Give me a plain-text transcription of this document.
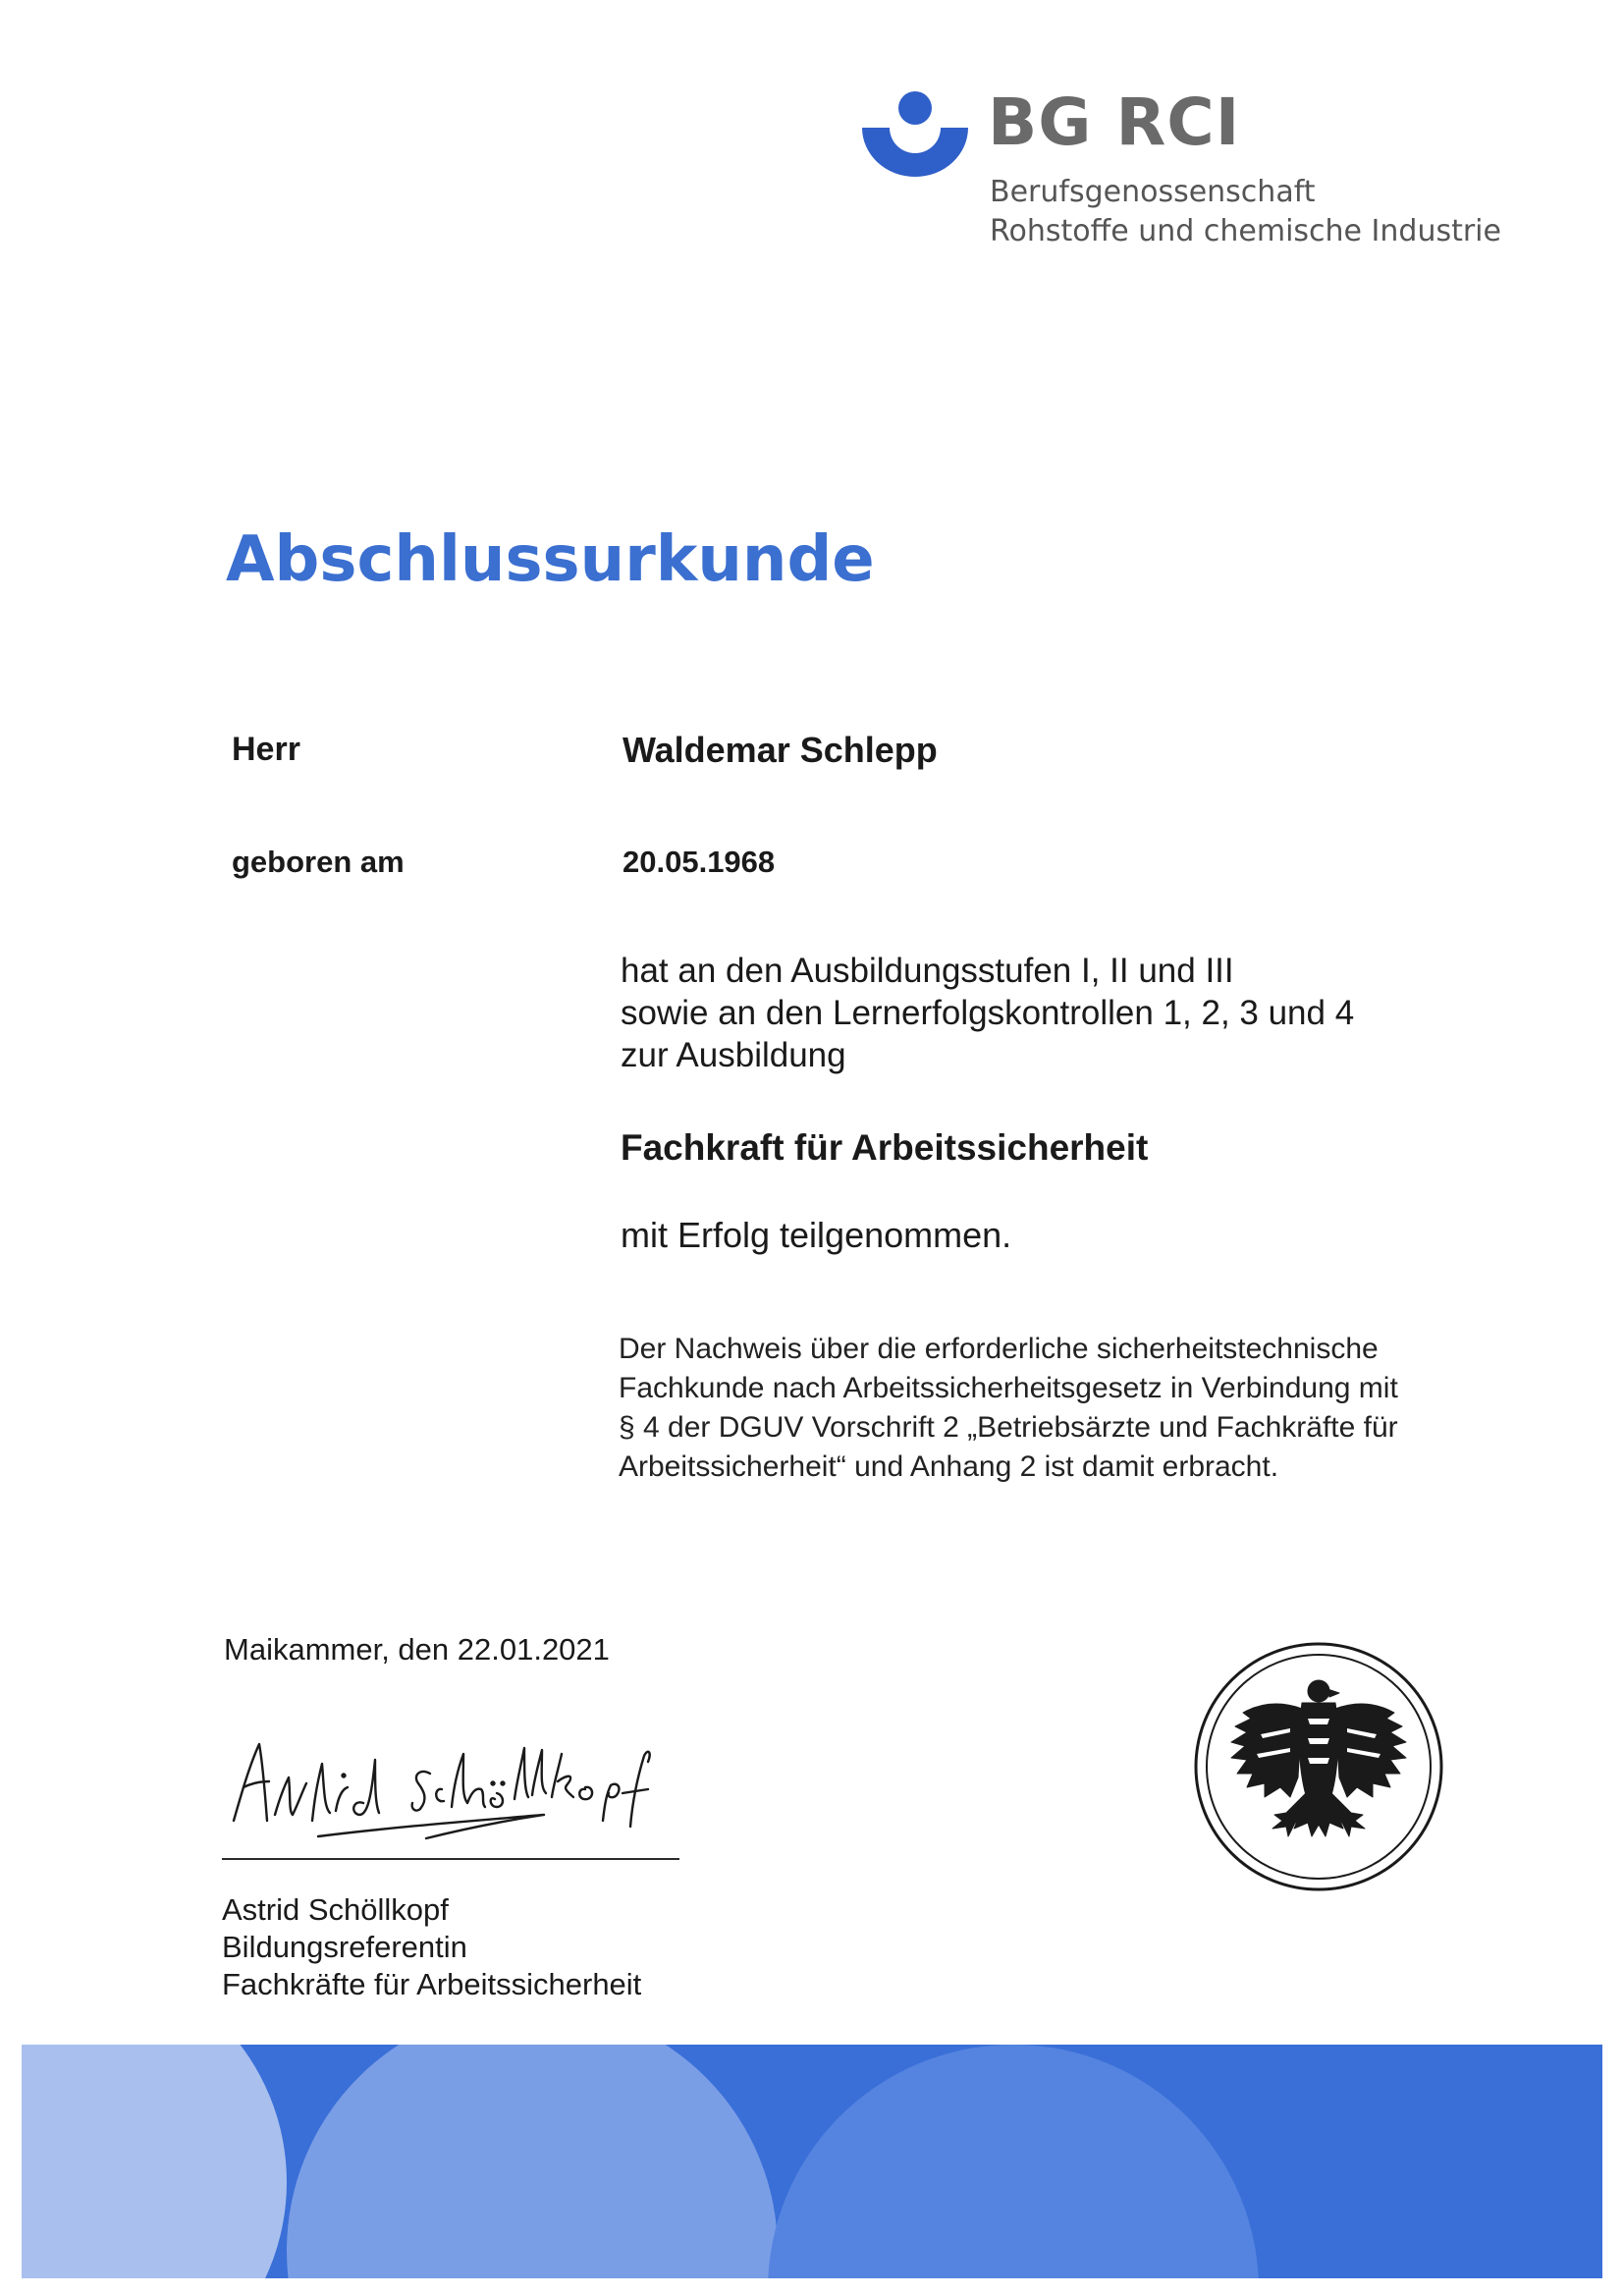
BG RCI
Berufsgenossenschaft
Rohstoffe und chemische Industrie
Abschlussurkunde
Herr	Waldemar Schlepp
geboren am	20.05.1968
hat an den Ausbildungsstufen I, II und III
sowie an den Lernerfolgskontrollen 1, 2, 3 und 4
zur Ausbildung
Fachkraft für Arbeitssicherheit
mit Erfolg teilgenommen.
Der Nachweis über die erforderliche sicherheitstechnische
Fachkunde nach Arbeitssicherheitsgesetz in Verbindung mit
§ 4 der DGUV Vorschrift 2 „Betriebsärzte und Fachkräfte für
Arbeitssicherheit“ und Anhang 2 ist damit erbracht.
Maikammer, den 22.01.2021
Astrid Schöllkopf
Bildungsreferentin
Fachkräfte für Arbeitssicherheit
